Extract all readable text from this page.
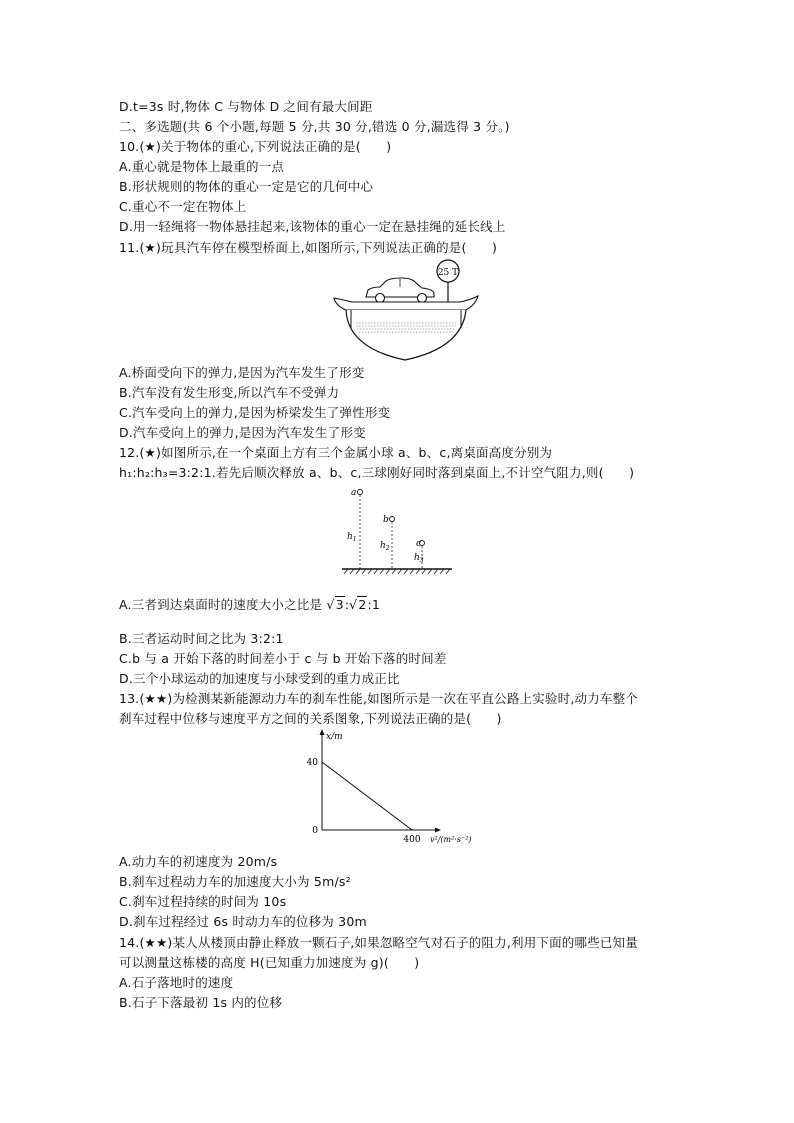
D.t=3s 时,物体 C 与物体 D 之间有最大间距
二、多选题(共 6 个小题,每题 5 分,共 30 分,错选 0 分,漏选得 3 分。)
10.(★)关于物体的重心,下列说法正确的是(　　)
A.重心就是物体上最重的一点
B.形状规则的物体的重心一定是它的几何中心
C.重心不一定在物体上
D.用一轻绳将一物体悬挂起来,该物体的重心一定在悬挂绳的延长线上
11.(★)玩具汽车停在模型桥面上,如图所示,下列说法正确的是(　　)
25 T
A.桥面受向下的弹力,是因为汽车发生了形变
B.汽车没有发生形变,所以汽车不受弹力
C.汽车受向上的弹力,是因为桥梁发生了弹性形变
D.汽车受向上的弹力,是因为汽车发生了形变
12.(★)如图所示,在一个桌面上方有三个金属小球 a、b、c,离桌面高度分别为
h₁:h₂:h₃=3:2:1.若先后顺次释放 a、b、c,三球刚好同时落到桌面上,不计空气阻力,则(　　)
a
$h_1$
b
$h_2$	c
$h_3$
A.三者到达桌面时的速度大小之比是 √3:√2:1
B.三者运动时间之比为 3:2:1
C.b 与 a 开始下落的时间差小于 c 与 b 开始下落的时间差
D.三个小球运动的加速度与小球受到的重力成正比
13.(★★)为检测某新能源动力车的刹车性能,如图所示是一次在平直公路上实验时,动力车整个
刹车过程中位移与速度平方之间的关系图象,下列说法正确的是(　　)
x/m
40
0
400 v²/(m²·s⁻²)
A.动力车的初速度为 20m/s
B.刹车过程动力车的加速度大小为 5m/s²
C.刹车过程持续的时间为 10s
D.刹车过程经过 6s 时动力车的位移为 30m
14.(★★)某人从楼顶由静止释放一颗石子,如果忽略空气对石子的阻力,利用下面的哪些已知量
可以测量这栋楼的高度 H(已知重力加速度为 g)(　　)
A.石子落地时的速度
B.石子下落最初 1s 内的位移
